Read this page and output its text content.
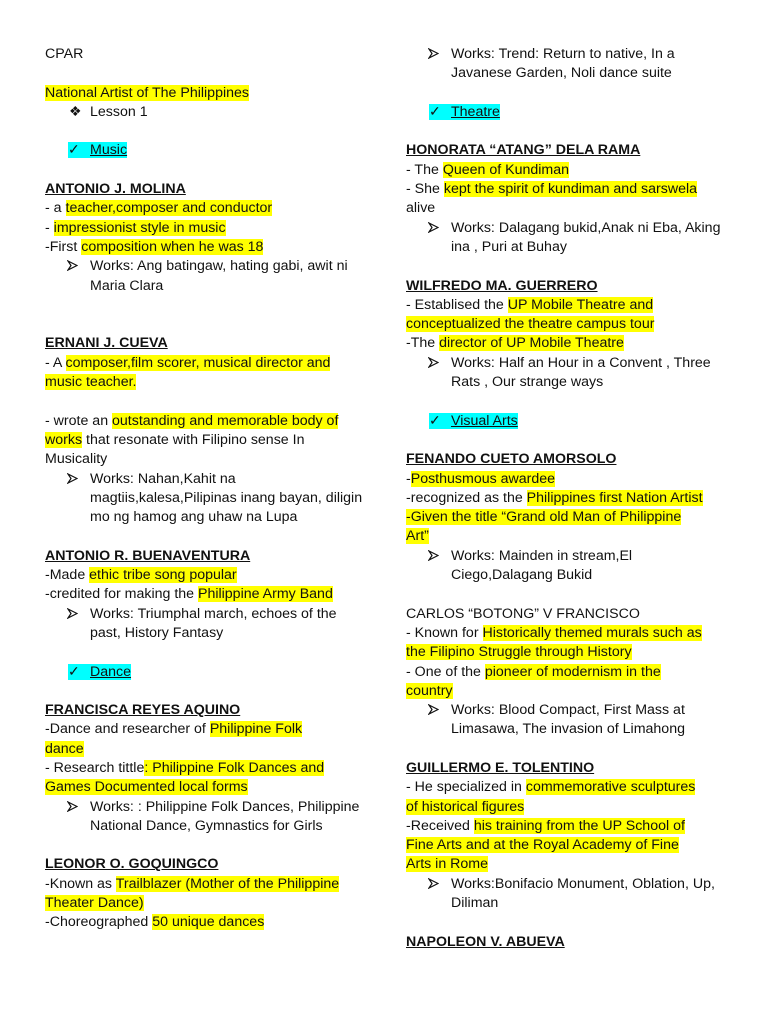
CPAR
National Artist of The Philippines
❖ Lesson 1
✓ Music
ANTONIO J. MOLINA
- a teacher,composer and conductor
- impressionist style in music
-First composition when he was 18
Works: Ang batingaw, hating gabi, awit ni Maria Clara
ERNANI J. CUEVA
- A composer,film scorer, musical director and
music teacher.
- wrote an outstanding and memorable body of
works that resonate with Filipino sense In
Musicality
Works: Nahan,Kahit na magtiis,kalesa,Pilipinas inang bayan, diligin mo ng hamog ang uhaw na Lupa
ANTONIO R. BUENAVENTURA
-Made ethic tribe song popular
-credited for making the Philippine Army Band
Works: Triumphal march, echoes of the past, History Fantasy
✓ Dance
FRANCISCA REYES AQUINO
-Dance and researcher of Philippine Folk
dance
- Research tittle: Philippine Folk Dances and
Games Documented local forms
Works: : Philippine Folk Dances, Philippine National Dance, Gymnastics for Girls
LEONOR O. GOQUINGCO
-Known as Trailblazer (Mother of the Philippine
Theater Dance)
-Choreographed 50 unique dances
Works: Trend: Return to native, In a Javanese Garden, Noli dance suite
✓ Theatre
HONORATA “ATANG” DELA RAMA
- The Queen of Kundiman
- She kept the spirit of kundiman and sarswela
alive
Works: Dalagang bukid,Anak ni Eba, Aking ina , Puri at Buhay
WILFREDO MA. GUERRERO
- Establised the UP Mobile Theatre and
conceptualized the theatre campus tour
-The director of UP Mobile Theatre
Works: Half an Hour in a Convent , Three Rats , Our strange ways
✓ Visual Arts
FENANDO CUETO AMORSOLO
-Posthusmous awardee
-recognized as the Philippines first Nation Artist
-Given the title “Grand old Man of Philippine
Art”
Works: Mainden in stream,El Ciego,Dalagang Bukid
CARLOS “BOTONG” V FRANCISCO
- Known for Historically themed murals such as
the Filipino Struggle through History
- One of the pioneer of modernism in the
country
Works: Blood Compact, First Mass at Limasawa, The invasion of Limahong
GUILLERMO E. TOLENTINO
- He specialized in commemorative sculptures
of historical figures
-Received his training from the UP School of
Fine Arts and at the Royal Academy of Fine
Arts in Rome
Works:Bonifacio Monument, Oblation, Up, Diliman
NAPOLEON V. ABUEVA
